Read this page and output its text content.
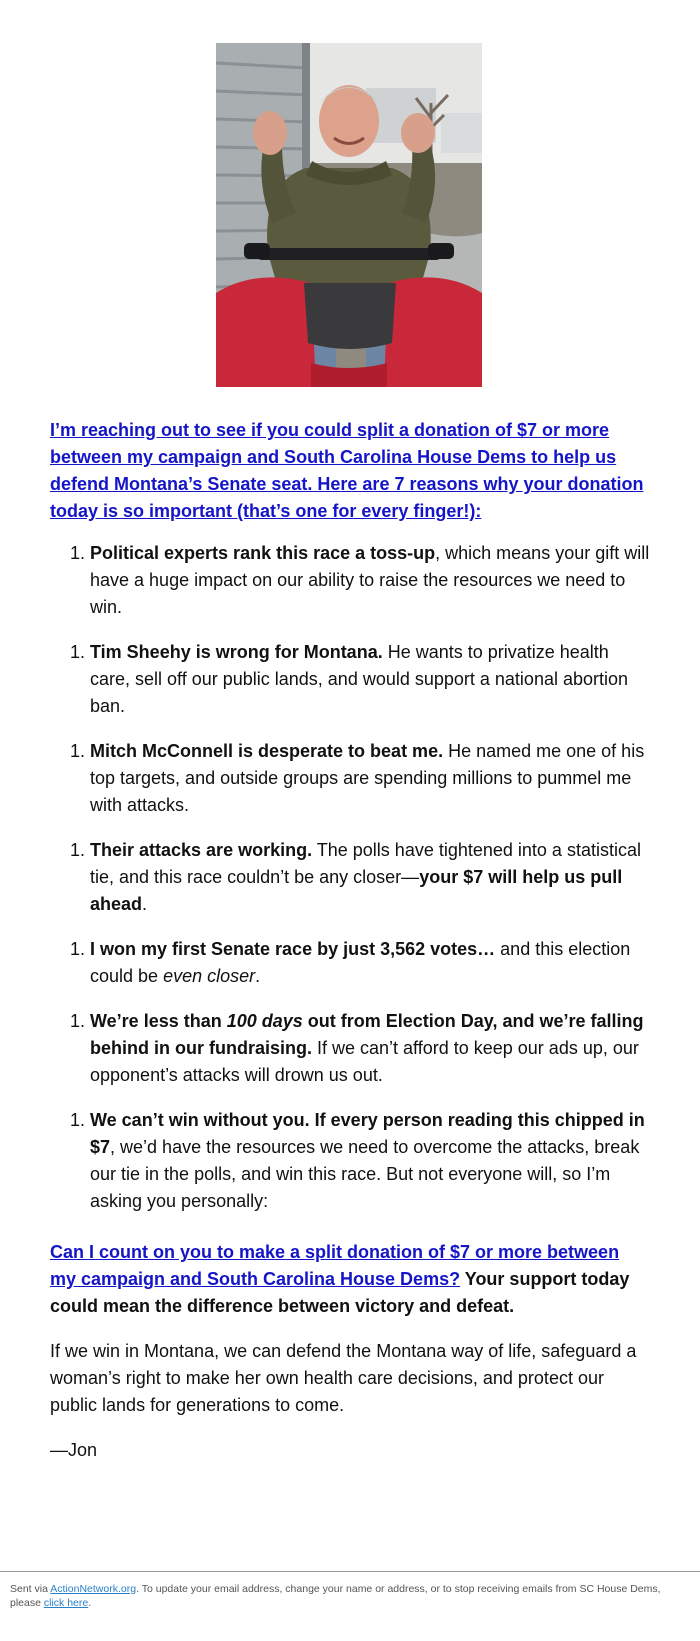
I’m reaching out to see if you could split a donation of $7 or more between my campaign and South Carolina House Dems to help us defend Montana’s Senate seat. Here are 7 reasons why your donation today is so important (that’s one for every finger!):

1. Political experts rank this race a toss-up, which means your gift will have a huge impact on our ability to raise the resources we need to win.
1. Tim Sheehy is wrong for Montana. He wants to privatize health care, sell off our public lands, and would support a national abortion ban.
1. Mitch McConnell is desperate to beat me. He named me one of his top targets, and outside groups are spending millions to pummel me with attacks.
1. Their attacks are working. The polls have tightened into a statistical tie, and this race couldn’t be any closer—your $7 will help us pull ahead.
1. I won my first Senate race by just 3,562 votes… and this election could be even closer.
1. We’re less than 100 days out from Election Day, and we’re falling behind in our fundraising. If we can’t afford to keep our ads up, our opponent’s attacks will drown us out.
1. We can’t win without you. If every person reading this chipped in $7, we’d have the resources we need to overcome the attacks, break our tie in the polls, and win this race. But not everyone will, so I’m asking you personally:

Can I count on you to make a split donation of $7 or more between my campaign and South Carolina House Dems? Your support today could mean the difference between victory and defeat.

If we win in Montana, we can defend the Montana way of life, safeguard a woman’s right to make her own health care decisions, and protect our public lands for generations to come.

—Jon

Sent via ActionNetwork.org. To update your email address, change your name or address, or to stop receiving emails from SC House Dems, please click here.
